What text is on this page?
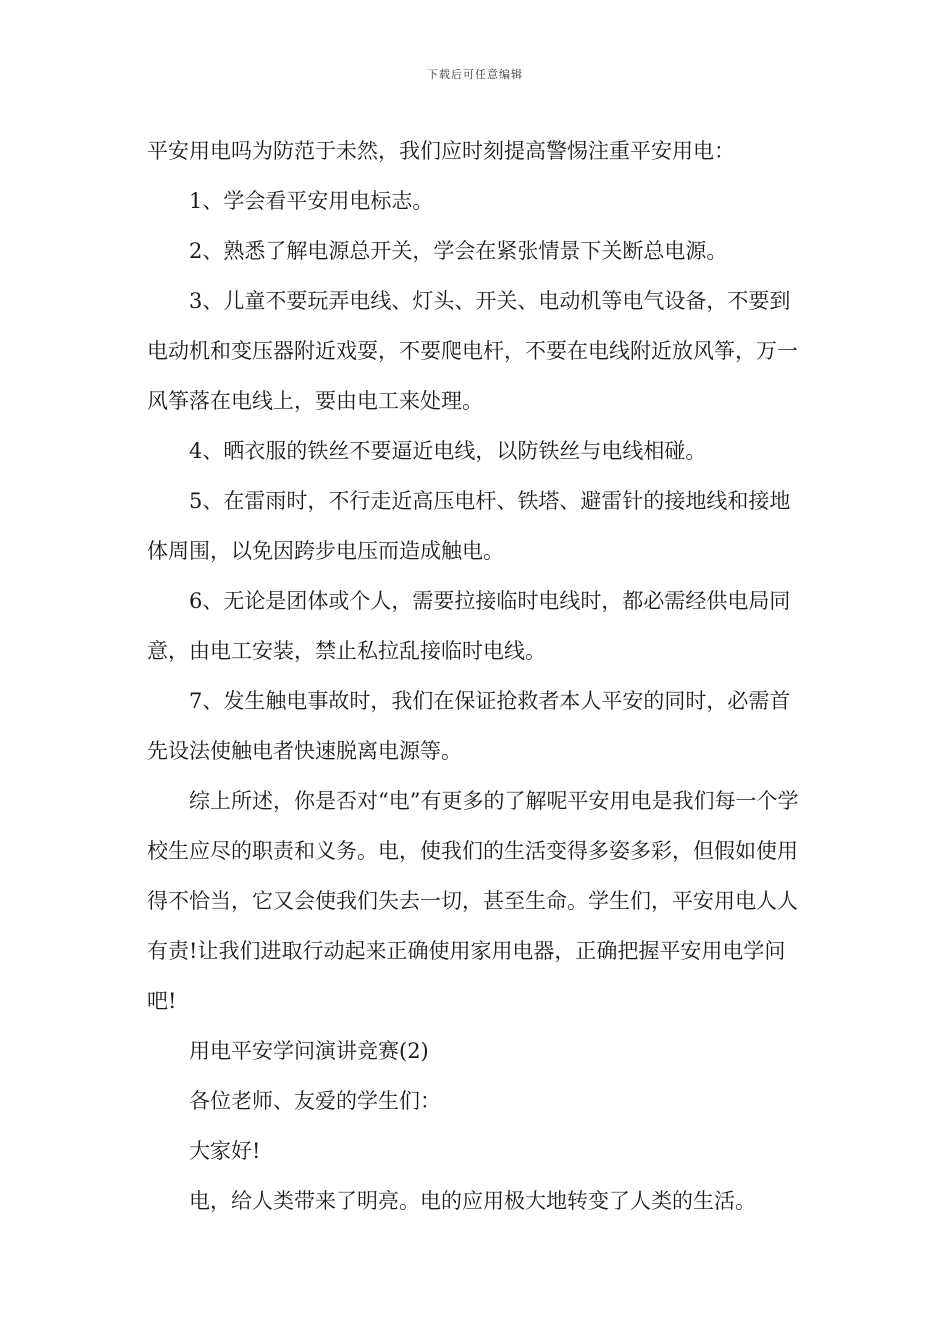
下载后可任意编辑

平安用电吗为防范于未然，我们应时刻提高警惕注重平安用电：

1、学会看平安用电标志。

2、熟悉了解电源总开关，学会在紧张情景下关断总电源。

3、儿童不要玩弄电线、灯头、开关、电动机等电气设备，不要到电动机和变压器附近戏耍，不要爬电杆，不要在电线附近放风筝，万一风筝落在电线上，要由电工来处理。

4、晒衣服的铁丝不要逼近电线，以防铁丝与电线相碰。

5、在雷雨时，不行走近高压电杆、铁塔、避雷针的接地线和接地体周围，以免因跨步电压而造成触电。

6、无论是团体或个人，需要拉接临时电线时，都必需经供电局同意，由电工安装，禁止私拉乱接临时电线。

7、发生触电事故时，我们在保证抢救者本人平安的同时，必需首先设法使触电者快速脱离电源等。

综上所述，你是否对“电”有更多的了解呢平安用电是我们每一个学校生应尽的职责和义务。电，使我们的生活变得多姿多彩，但假如使用得不恰当，它又会使我们失去一切，甚至生命。学生们，平安用电人人有责!让我们进取行动起来正确使用家用电器，正确把握平安用电学问吧!

用电平安学问演讲竞赛(2)

各位老师、友爱的学生们：

大家好!

电，给人类带来了明亮。电的应用极大地转变了人类的生活。
